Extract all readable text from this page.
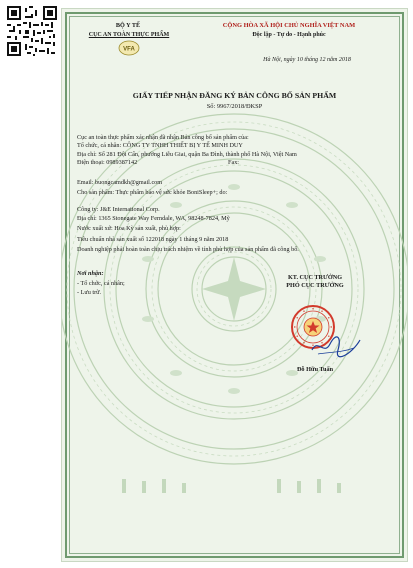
BỘ Y TẾ
CỤC AN TOÀN THỰC PHẨM
VFA
CỘNG HÒA XÃ HỘI CHỦ NGHĨA VIỆT NAM
Độc lập - Tự do - Hạnh phúc
Hà Nội, ngày 10 tháng 12 năm 2018
GIẤY TIẾP NHẬN ĐĂNG KÝ BẢN CÔNG BỐ SẢN PHẨM
Số: 9967/2018/ĐKSP
Cục an toàn thực phẩm xác nhận đã nhận Bản công bố sản phẩm của:
Tổ chức, cá nhân: CÔNG TY TNHH THIẾT BỊ Y TẾ MINH DUY
Địa chỉ: Số 281 Đội Cấn, phường Liễu Giai, quận Ba Đình, thành phố Hà Nội, Việt Nam
Điện thoại: 0989387142	Fax:
Email: buongcamdkh@gmail.com
Cho sản phẩm: Thực phẩm bảo vệ sức khỏe BoniSleep+; do:
Công ty: J&E International Corp.
Địa chỉ: 1365 Stonegate Way Ferndale, WA, 98248-7824, Mỹ
Nước xuất xứ: Hoa Kỳ sản xuất, phù hợp:
Tiêu chuẩn nhà sản xuất số 122018 ngày 1 tháng 9 năm 2018
Doanh nghiệp phải hoàn toàn chịu trách nhiệm về tính phù hợp của sản phẩm đã công bố.
Nơi nhận:
- Tổ chức, cá nhân;
- Lưu trữ.
KT. CỤC TRƯỞNG
PHÓ CỤC TRƯỞNG
Đỗ Hữu Tuấn
